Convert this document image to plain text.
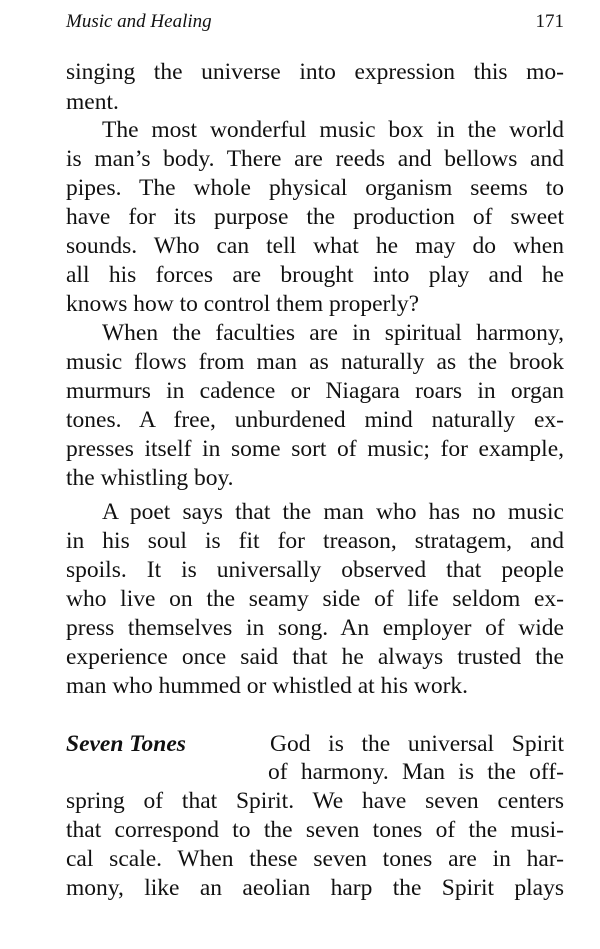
Music and Healing	171
singing the universe into expression this mo-
ment.
The most wonderful music box in the world
is man’s body. There are reeds and bellows and
pipes. The whole physical organism seems to
have for its purpose the production of sweet
sounds. Who can tell what he may do when
all his forces are brought into play and he
knows how to control them properly?
When the faculties are in spiritual harmony,
music flows from man as naturally as the brook
murmurs in cadence or Niagara roars in organ
tones. A free, unburdened mind naturally ex-
presses itself in some sort of music; for example,
the whistling boy.
A poet says that the man who has no music
in his soul is fit for treason, stratagem, and
spoils. It is universally observed that people
who live on the seamy side of life seldom ex-
press themselves in song. An employer of wide
experience once said that he always trusted the
man who hummed or whistled at his work.
Seven Tones	God is the universal Spirit
of harmony. Man is the off-
spring of that Spirit. We have seven centers
that correspond to the seven tones of the musi-
cal scale. When these seven tones are in har-
mony, like an aeolian harp the Spirit plays
